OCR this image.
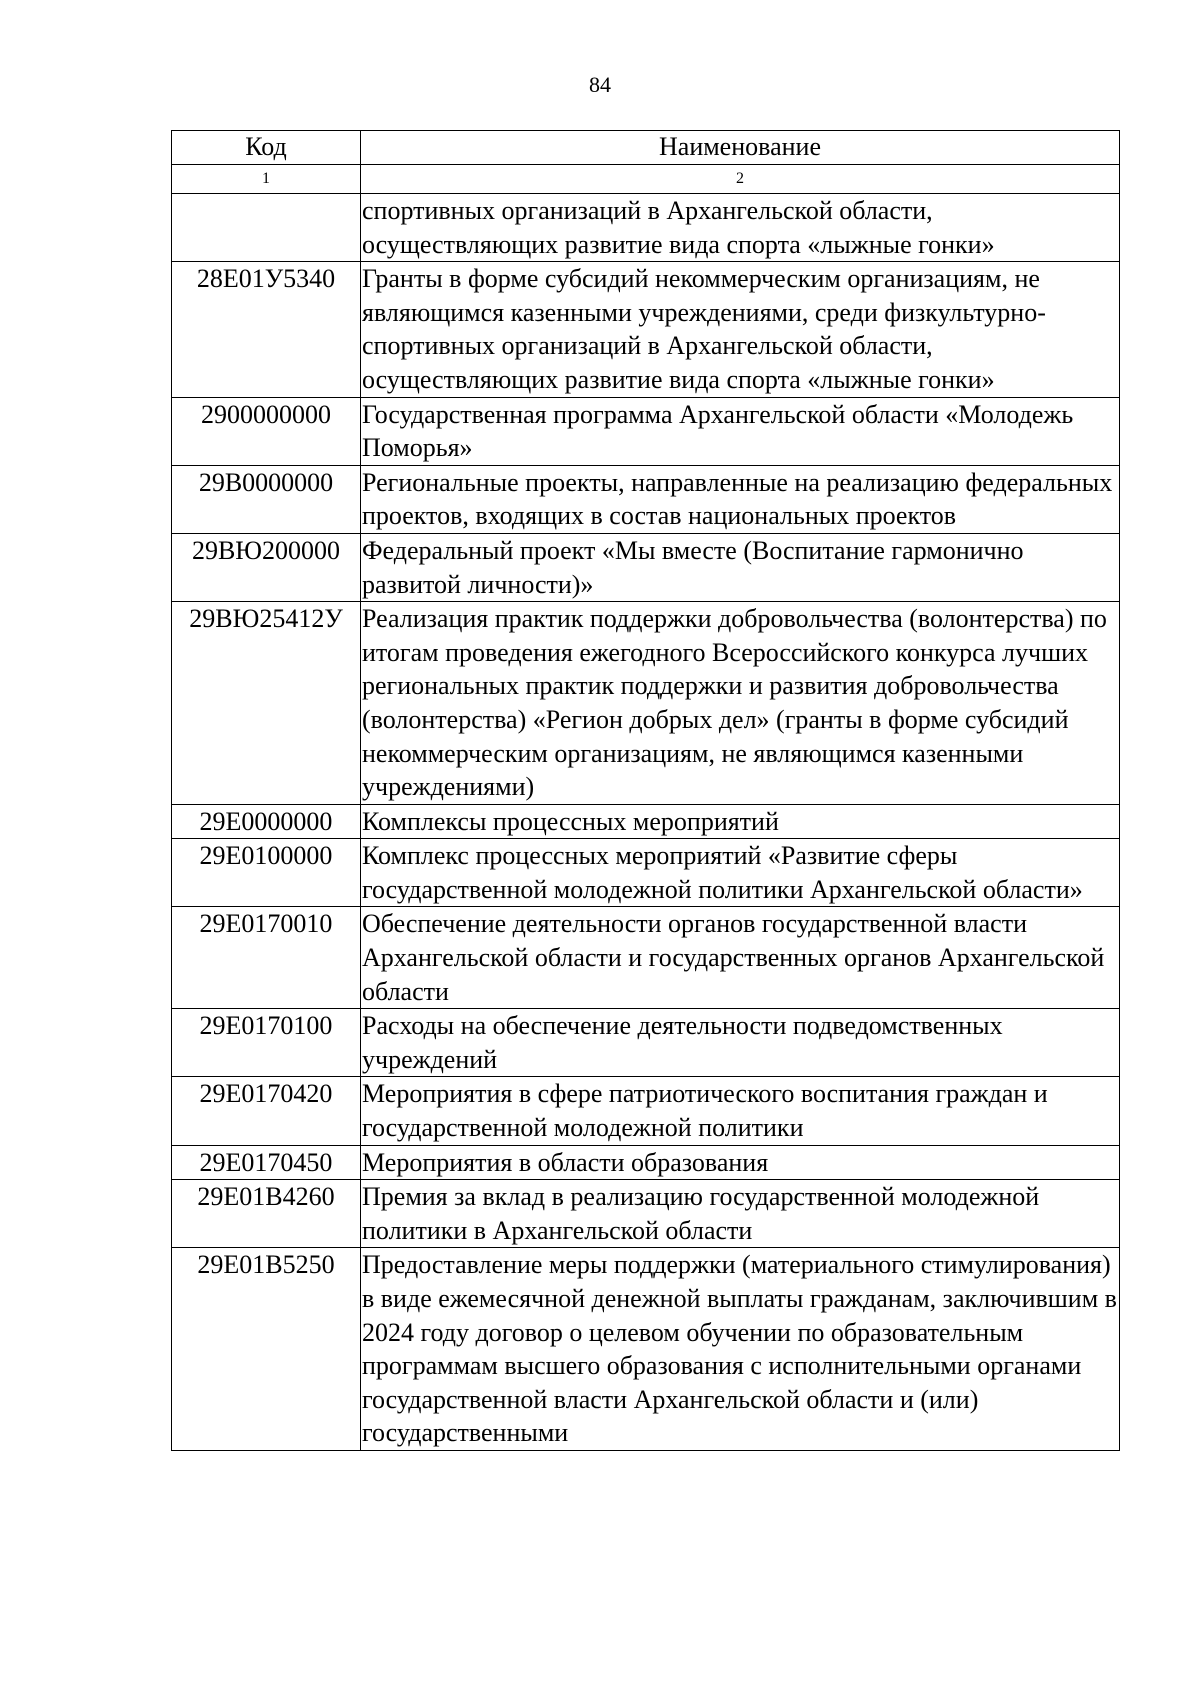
84
Код	Наименование
1	2
	спортивных организаций в Архангельской области, осуществляющих развитие вида спорта «лыжные гонки»
28Е01У5340	Гранты в форме субсидий некоммерческим организациям, не являющимся казенными учреждениями, среди физкультурно-спортивных организаций в Архангельской области, осуществляющих развитие вида спорта «лыжные гонки»
2900000000	Государственная программа Архангельской области «Молодежь Поморья»
29В0000000	Региональные проекты, направленные на реализацию федеральных проектов, входящих в состав национальных проектов
29ВЮ200000	Федеральный проект «Мы вместе (Воспитание гармонично развитой личности)»
29ВЮ25412У	Реализация практик поддержки добровольчества (волонтерства) по итогам проведения ежегодного Всероссийского конкурса лучших региональных практик поддержки и развития добровольчества (волонтерства) «Регион добрых дел» (гранты в форме субсидий некоммерческим организациям, не являющимся казенными учреждениями)
29Е0000000	Комплексы процессных мероприятий
29Е0100000	Комплекс процессных мероприятий «Развитие сферы государственной молодежной политики Архангельской области»
29Е0170010	Обеспечение деятельности органов государственной власти Архангельской области и государственных органов Архангельской области
29Е0170100	Расходы на обеспечение деятельности подведомственных учреждений
29Е0170420	Мероприятия в сфере патриотического воспитания граждан и государственной молодежной политики
29Е0170450	Мероприятия в области образования
29Е01В4260	Премия за вклад в реализацию государственной молодежной политики в Архангельской области
29Е01В5250	Предоставление меры поддержки (материального стимулирования) в виде ежемесячной денежной выплаты гражданам, заключившим в 2024 году договор о целевом обучении по образовательным программам высшего образования с исполнительными органами государственной власти Архангельской области и (или) государственными
